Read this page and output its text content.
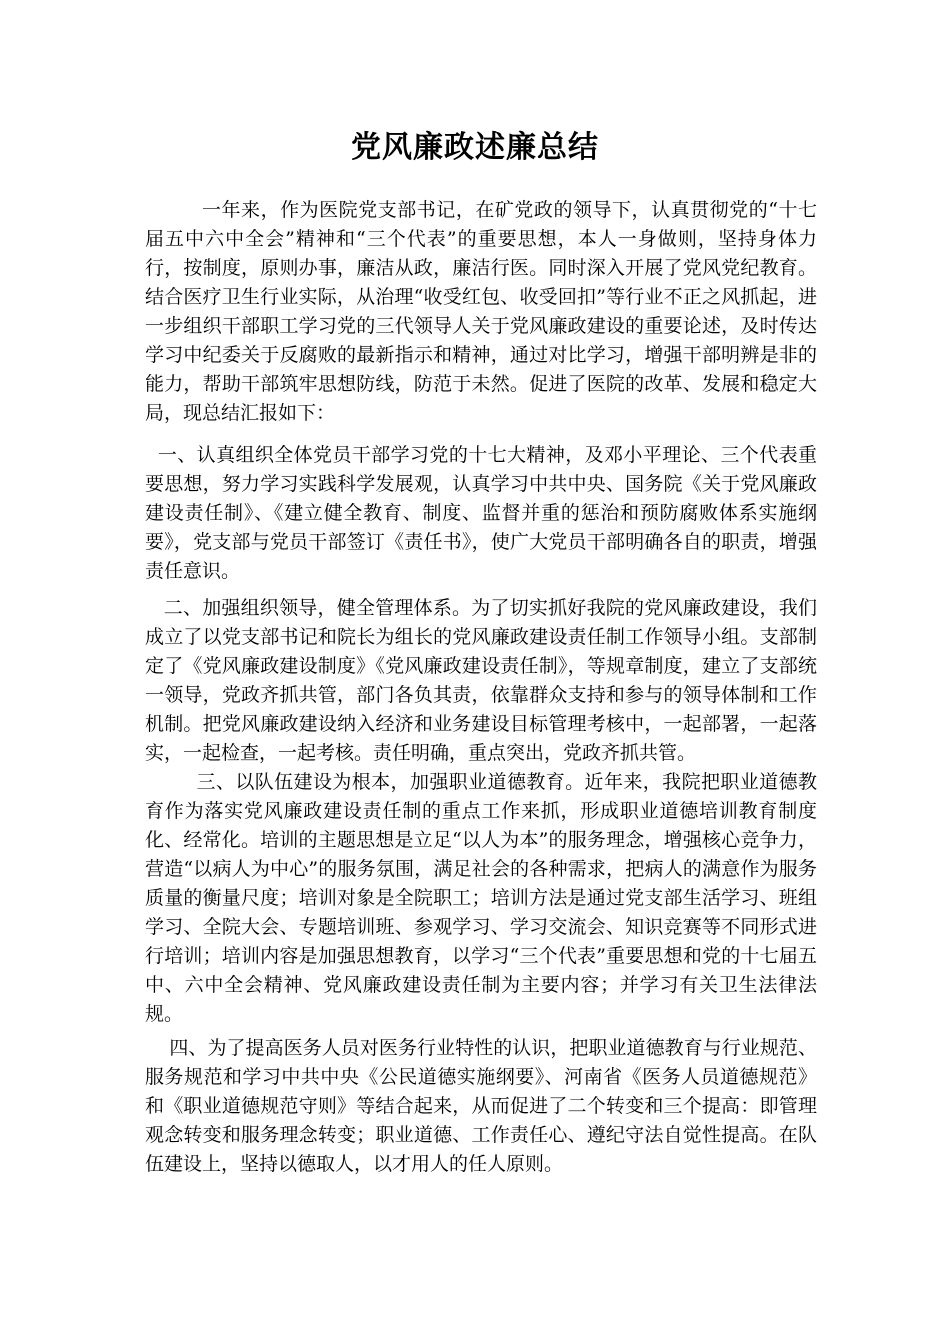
党风廉政述廉总结

一年来，作为医院党支部书记，在矿党政的领导下，认真贯彻党的“十七届五中六中全会”精神和“三个代表”的重要思想，本人一身做则，坚持身体力行，按制度，原则办事，廉洁从政，廉洁行医。同时深入开展了党风党纪教育。结合医疗卫生行业实际，从治理“收受红包、收受回扣”等行业不正之风抓起，进一步组织干部职工学习党的三代领导人关于党风廉政建设的重要论述，及时传达学习中纪委关于反腐败的最新指示和精神，通过对比学习，增强干部明辨是非的能力，帮助干部筑牢思想防线，防范于未然。促进了医院的改革、发展和稳定大局，现总结汇报如下：

一、认真组织全体党员干部学习党的十七大精神，及邓小平理论、三个代表重要思想，努力学习实践科学发展观，认真学习中共中央、国务院《关于党风廉政建设责任制》、《建立健全教育、制度、监督并重的惩治和预防腐败体系实施纲要》，党支部与党员干部签订《责任书》，使广大党员干部明确各自的职责，增强责任意识。

二、加强组织领导，健全管理体系。为了切实抓好我院的党风廉政建设，我们成立了以党支部书记和院长为组长的党风廉政建设责任制工作领导小组。支部制定了《党风廉政建设制度》《党风廉政建设责任制》，等规章制度，建立了支部统一领导，党政齐抓共管，部门各负其责，依靠群众支持和参与的领导体制和工作机制。把党风廉政建设纳入经济和业务建设目标管理考核中，一起部署，一起落实，一起检查，一起考核。责任明确，重点突出，党政齐抓共管。
三、以队伍建设为根本，加强职业道德教育。近年来，我院把职业道德教育作为落实党风廉政建设责任制的重点工作来抓，形成职业道德培训教育制度化、经常化。培训的主题思想是立足“以人为本”的服务理念，增强核心竞争力，营造“以病人为中心”的服务氛围，满足社会的各种需求，把病人的满意作为服务质量的衡量尺度；培训对象是全院职工；培训方法是通过党支部生活学习、班组学习、全院大会、专题培训班、参观学习、学习交流会、知识竞赛等不同形式进行培训；培训内容是加强思想教育，以学习“三个代表”重要思想和党的十七届五中、六中全会精神、党风廉政建设责任制为主要内容；并学习有关卫生法律法规。

四、为了提高医务人员对医务行业特性的认识，把职业道德教育与行业规范、服务规范和学习中共中央《公民道德实施纲要》、河南省《医务人员道德规范》和《职业道德规范守则》等结合起来，从而促进了二个转变和三个提高：即管理观念转变和服务理念转变；职业道德、工作责任心、遵纪守法自觉性提高。在队伍建设上，坚持以德取人，以才用人的任人原则。
